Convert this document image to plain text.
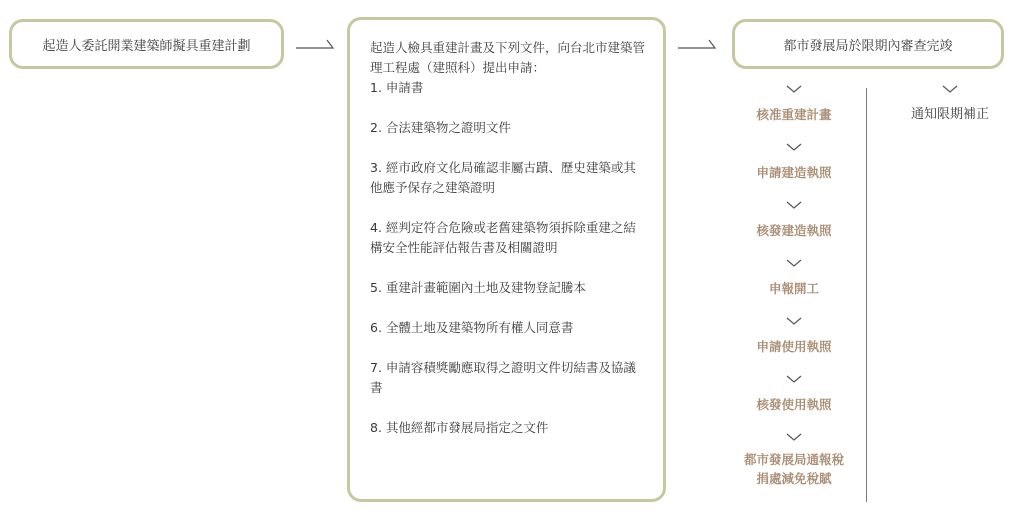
起造人委託開業建築師擬具重建計劃	起造人檢具重建計畫及下列文件，向台北市建築管理工程處（建照科）提出申請：
1. 申請書
2. 合法建築物之證明文件
3. 經市政府文化局確認非屬古蹟、歷史建築或其他應予保存之建築證明
4. 經判定符合危險或老舊建築物須拆除重建之結構安全性能評估報告書及相關證明
5. 重建計畫範圍內土地及建物登記騰本
6. 全體土地及建築物所有權人同意書
7. 申請容積獎勵應取得之證明文件切結書及協議書
8. 其他經都市發展局指定之文件
都市發展局於限期內審查完竣
核准重建計畫
申請建造執照
核發建造執照
申報開工
申請使用執照
核發使用執照
都市發展局通報稅捐處減免稅賦
通知限期補正
